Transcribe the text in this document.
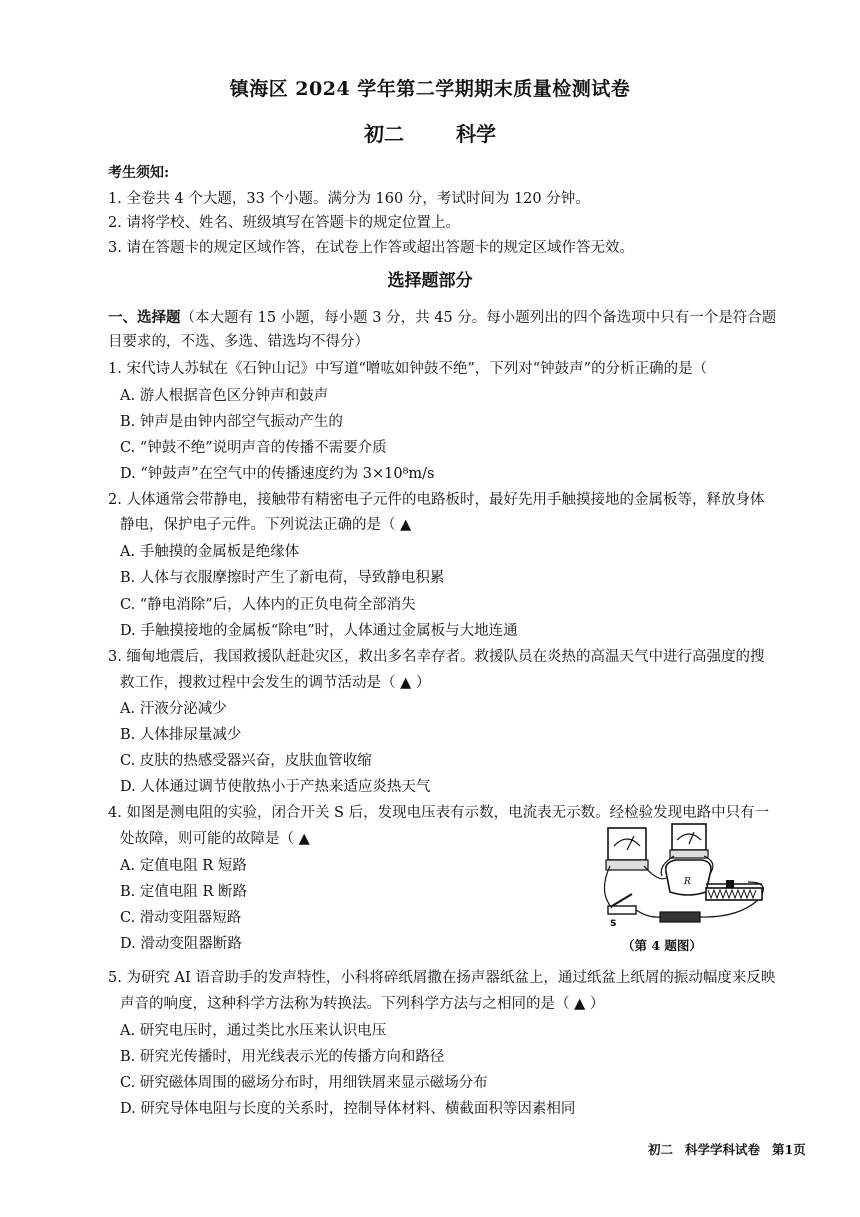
镇海区 2024 学年第二学期期末质量检测试卷
初二	科学
考生须知:
1. 全卷共 4 个大题，33 个小题。满分为 160 分，考试时间为 120 分钟。
2. 请将学校、姓名、班级填写在答题卡的规定位置上。
3. 请在答题卡的规定区域作答，在试卷上作答或超出答题卡的规定区域作答无效。
选择题部分
一、选择题（本大题有 15 小题，每小题 3 分，共 45 分。每小题列出的四个备选项中只有一个是符合题
目要求的，不选、多选、错选均不得分）
1. 宋代诗人苏轼在《石钟山记》中写道“噌吰如钟鼓不绝”，下列对“钟鼓声”的分析正确的是（
A. 游人根据音色区分钟声和鼓声
B. 钟声是由钟内部空气振动产生的
C. “钟鼓不绝”说明声音的传播不需要介质
D. “钟鼓声”在空气中的传播速度约为 3×10⁸m/s
2. 人体通常会带静电，接触带有精密电子元件的电路板时，最好先用手触摸接地的金属板等，释放身体
静电，保护电子元件。下列说法正确的是（ ▲
A. 手触摸的金属板是绝缘体
B. 人体与衣服摩擦时产生了新电荷，导致静电积累
C. “静电消除”后，人体内的正负电荷全部消失
D. 手触摸接地的金属板“除电”时，人体通过金属板与大地连通
3. 缅甸地震后，我国救援队赶赴灾区，救出多名幸存者。救援队员在炎热的高温天气中进行高强度的搜
救工作，搜救过程中会发生的调节活动是（ ▲ ）
A. 汗液分泌减少
B. 人体排尿量减少
C. 皮肤的热感受器兴奋，皮肤血管收缩
D. 人体通过调节使散热小于产热来适应炎热天气
4. 如图是测电阻的实验，闭合开关 S 后，发现电压表有示数，电流表无示数。经检验发现电路中只有一
处故障，则可能的故障是（ ▲
A. 定值电阻 R 短路
B. 定值电阻 R 断路
C. 滑动变阻器短路
D. 滑动变阻器断路
R
S
（第 4 题图）
5. 为研究 AI 语音助手的发声特性，小科将碎纸屑撒在扬声器纸盆上，通过纸盆上纸屑的振动幅度来反映
声音的响度，这种科学方法称为转换法。下列科学方法与之相同的是（ ▲ ）
A. 研究电压时，通过类比水压来认识电压
B. 研究光传播时，用光线表示光的传播方向和路径
C. 研究磁体周围的磁场分布时，用细铁屑来显示磁场分布
D. 研究导体电阻与长度的关系时，控制导体材料、横截面积等因素相同
初二 科学学科试卷 第1页
